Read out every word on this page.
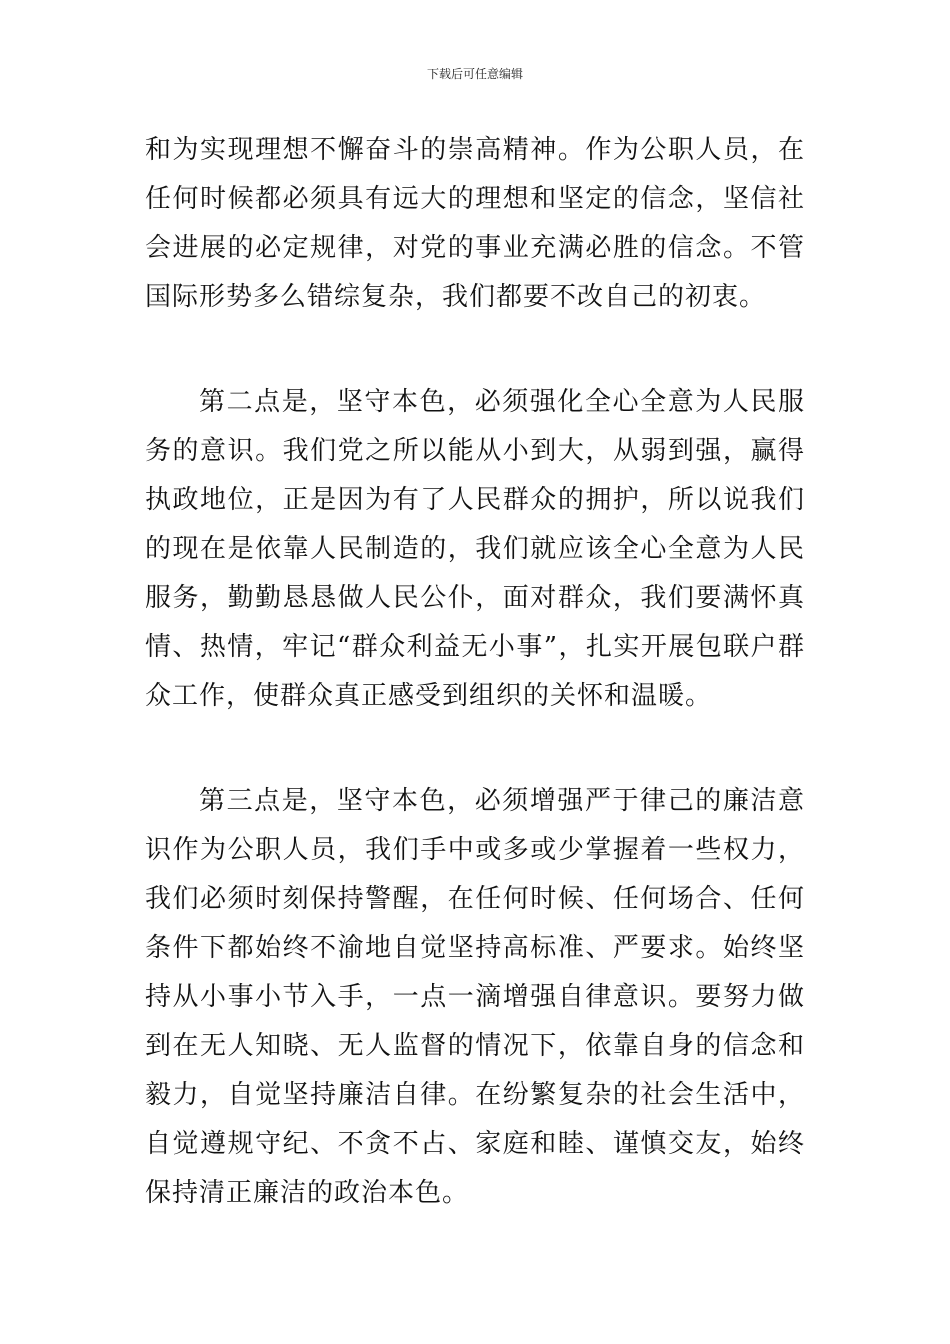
下载后可任意编辑

和为实现理想不懈奋斗的崇高精神。作为公职人员，在任何时候都必须具有远大的理想和坚定的信念，坚信社会进展的必定规律，对党的事业充满必胜的信念。不管国际形势多么错综复杂，我们都要不改自己的初衷。

第二点是，坚守本色，必须强化全心全意为人民服务的意识。我们党之所以能从小到大，从弱到强，赢得执政地位，正是因为有了人民群众的拥护，所以说我们的现在是依靠人民制造的，我们就应该全心全意为人民服务，勤勤恳恳做人民公仆，面对群众，我们要满怀真情、热情，牢记“群众利益无小事”，扎实开展包联户群众工作，使群众真正感受到组织的关怀和温暖。

第三点是，坚守本色，必须增强严于律己的廉洁意识作为公职人员，我们手中或多或少掌握着一些权力，我们必须时刻保持警醒，在任何时候、任何场合、任何条件下都始终不渝地自觉坚持高标准、严要求。始终坚持从小事小节入手，一点一滴增强自律意识。要努力做到在无人知晓、无人监督的情况下，依靠自身的信念和毅力，自觉坚持廉洁自律。在纷繁复杂的社会生活中，自觉遵规守纪、不贪不占、家庭和睦、谨慎交友，始终保持清正廉洁的政治本色。
